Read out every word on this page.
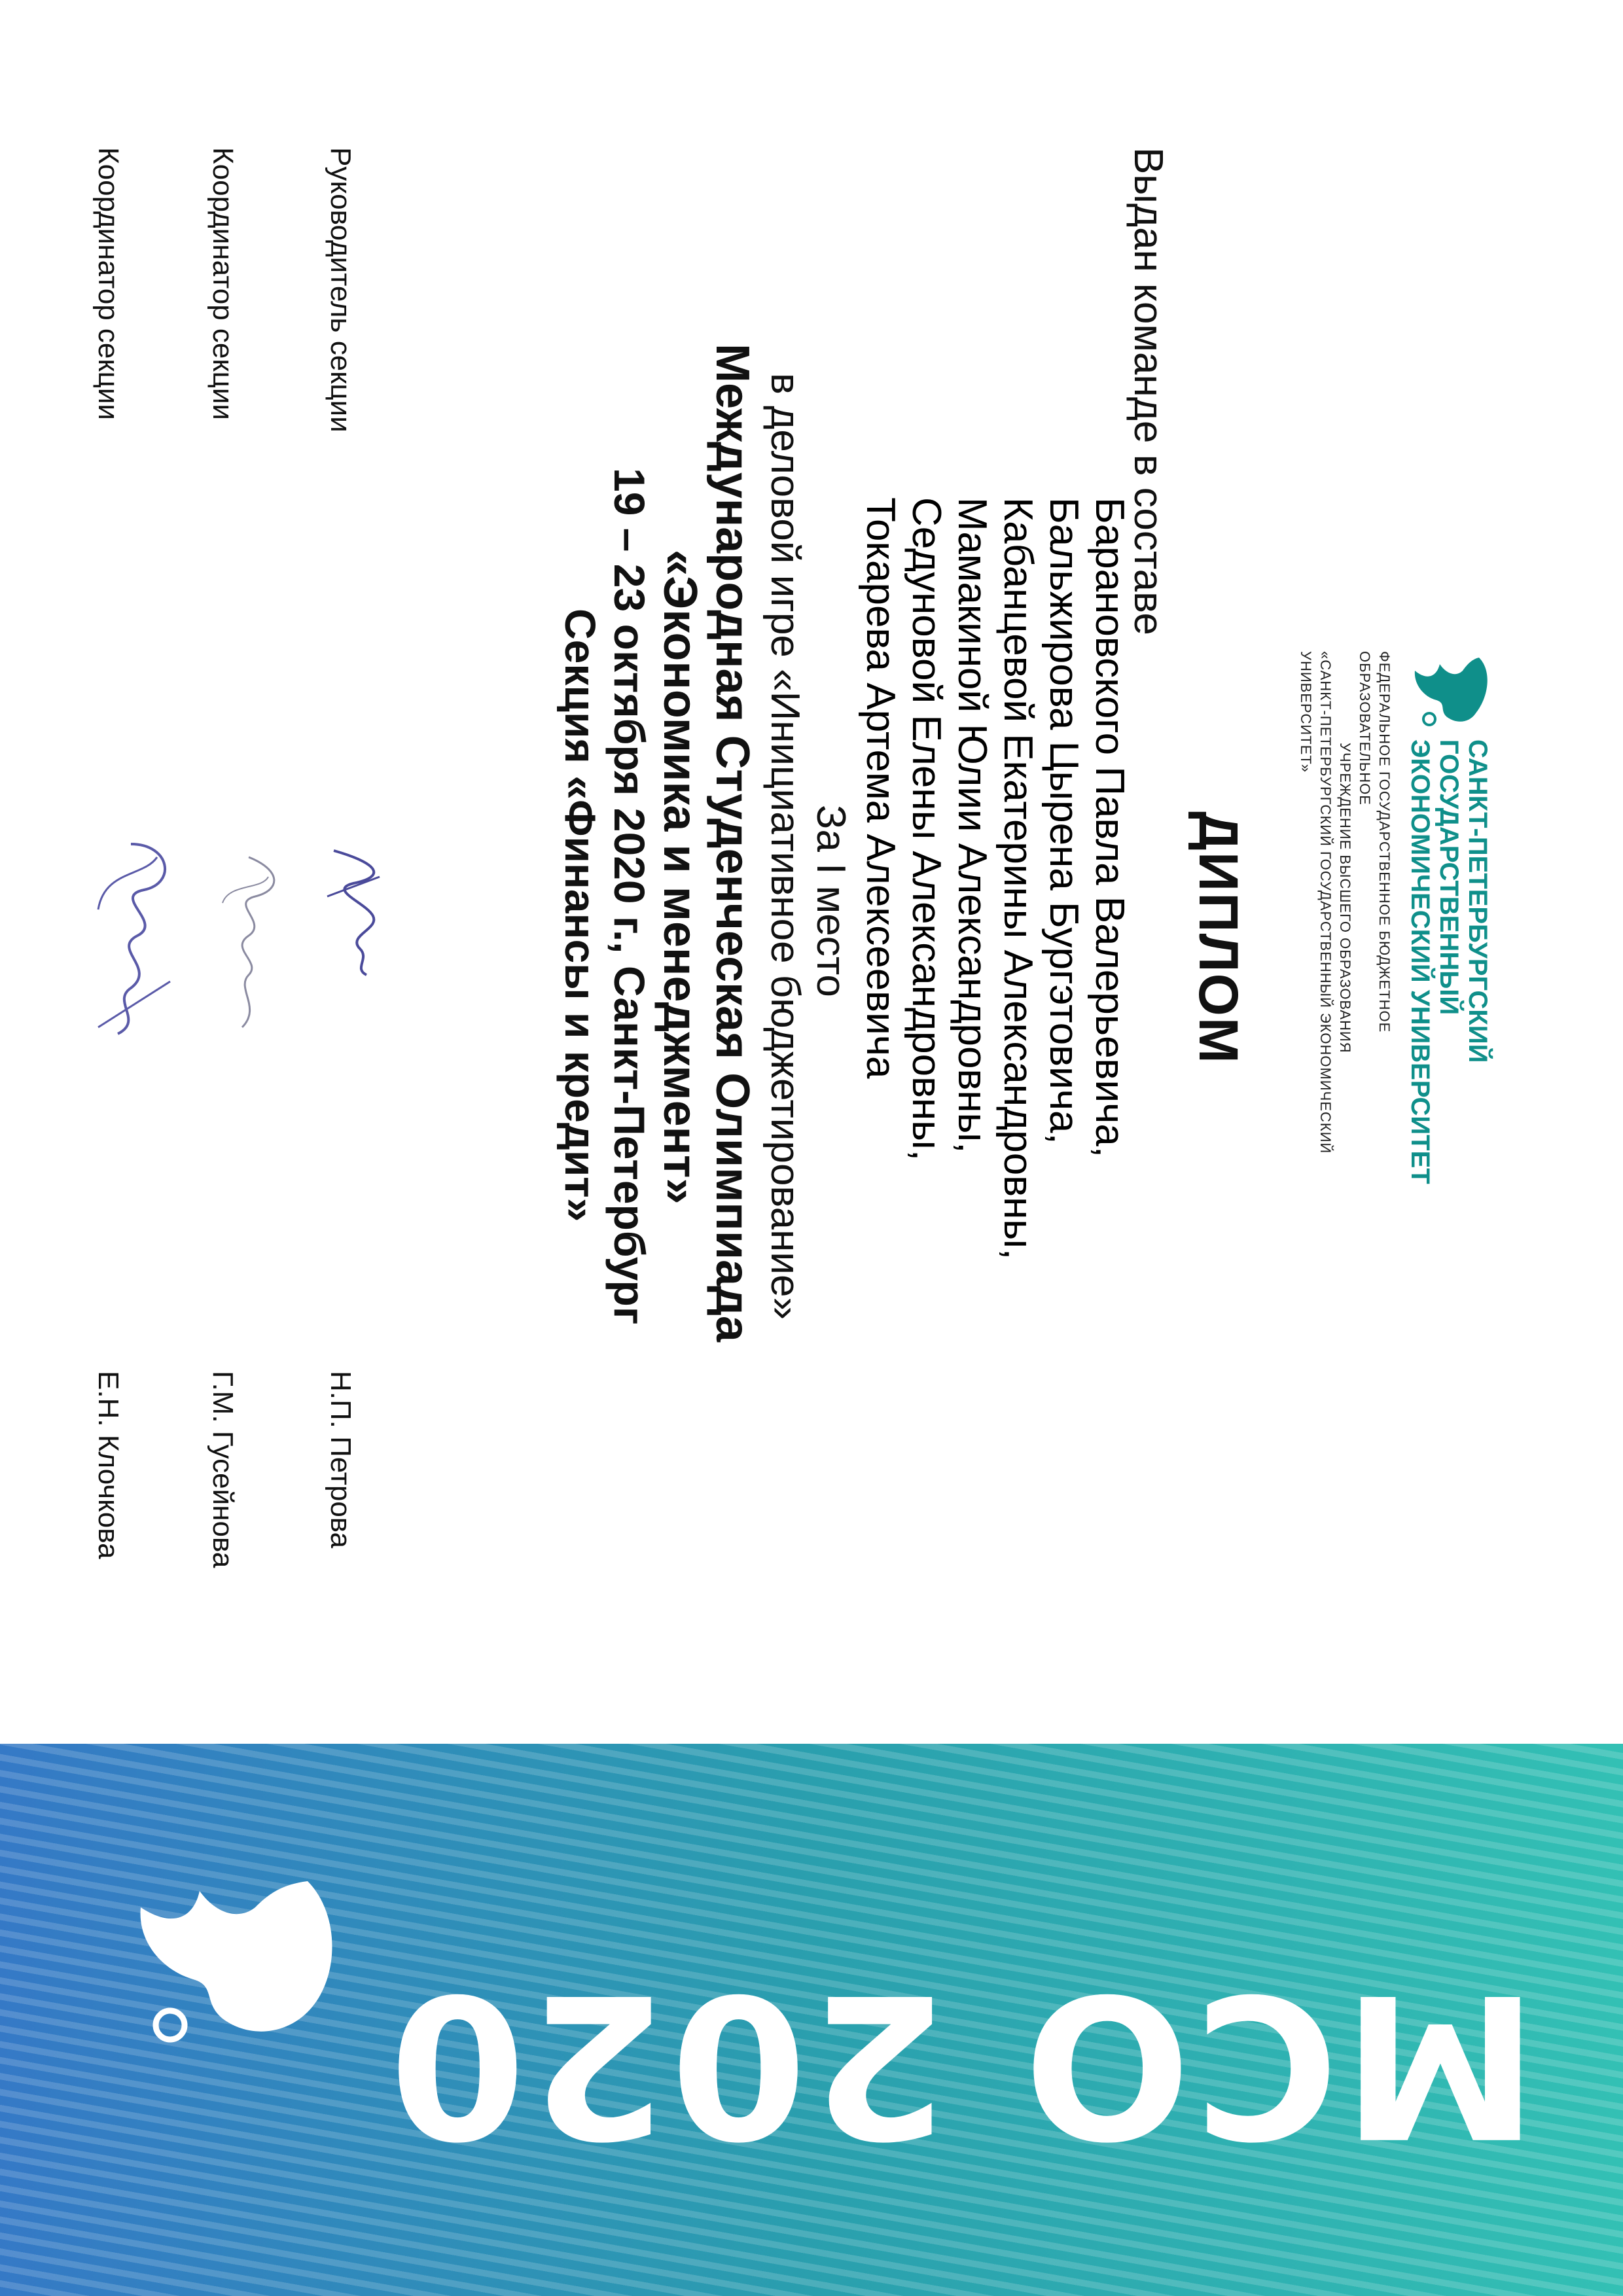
САНКТ-ПЕТЕРБУРГСКИЙ
ГОСУДАРСТВЕННЫЙ
ЭКОНОМИЧЕСКИЙ УНИВЕРСИТЕТ
ФЕДЕРАЛЬНОЕ ГОСУДАРСТВЕННОЕ БЮДЖЕТНОЕ ОБРАЗОВАТЕЛЬНОЕ
УЧРЕЖДЕНИЕ ВЫСШЕГО ОБРАЗОВАНИЯ
«САНКТ-ПЕТЕРБУРГСКИЙ ГОСУДАРСТВЕННЫЙ ЭКОНОМИЧЕСКИЙ УНИВЕРСИТЕТ»
ДИПЛОМ
Выдан команде в составе
Барановского Павла Валерьевича,
Бальжирова Цырена Бургэтовича,
Кабанцевой Екатерины Александровны,
Мамакиной Юлии Александровны,
Седуновой Елены Александровны,
Токарева Артема Алексеевича
За I место
в деловой игре «Инициативное бюджетирование»
Международная Студенческая Олимпиада
«Экономика и менеджмент»
19 – 23 октября 2020 г., Санкт-Петербург
Секция «Финансы и кредит»
Руководитель секции
Н.П. Петрова
Координатор секции
Г.М. Гусейнова
Координатор секции
Е.Н. Клочкова
МСО 2020
